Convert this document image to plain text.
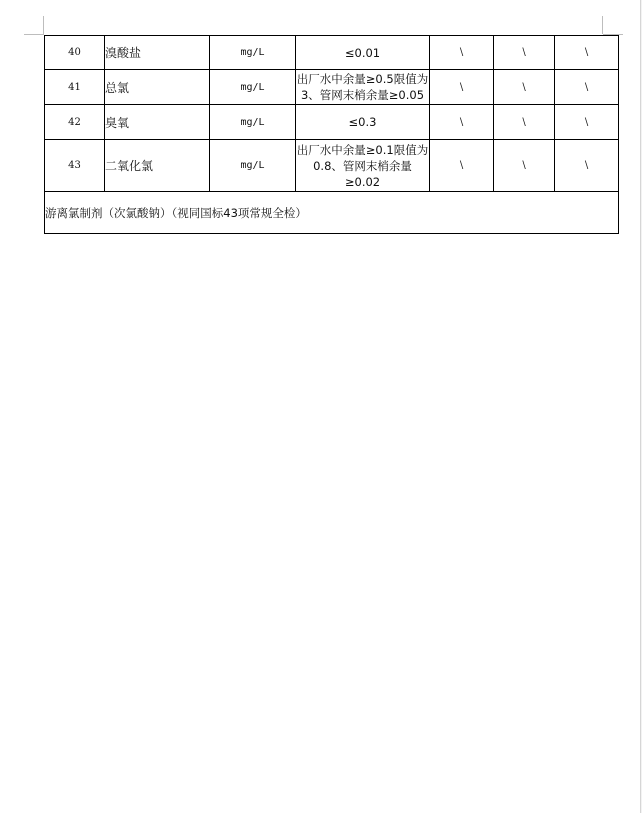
40	溴酸盐	mg/L	≤0.01	\	\	\
41	总氯	mg/L	出厂水中余量≥0.5限值为3、管网末梢余量≥0.05	\	\	\
42	臭氧	mg/L	≤0.3	\	\	\
43	二氧化氯	mg/L	出厂水中余量≥0.1限值为0.8、管网末梢余量≥0.02	\	\	\
游离氯制剂（次氯酸钠）（视同国标43项常规全检）						
